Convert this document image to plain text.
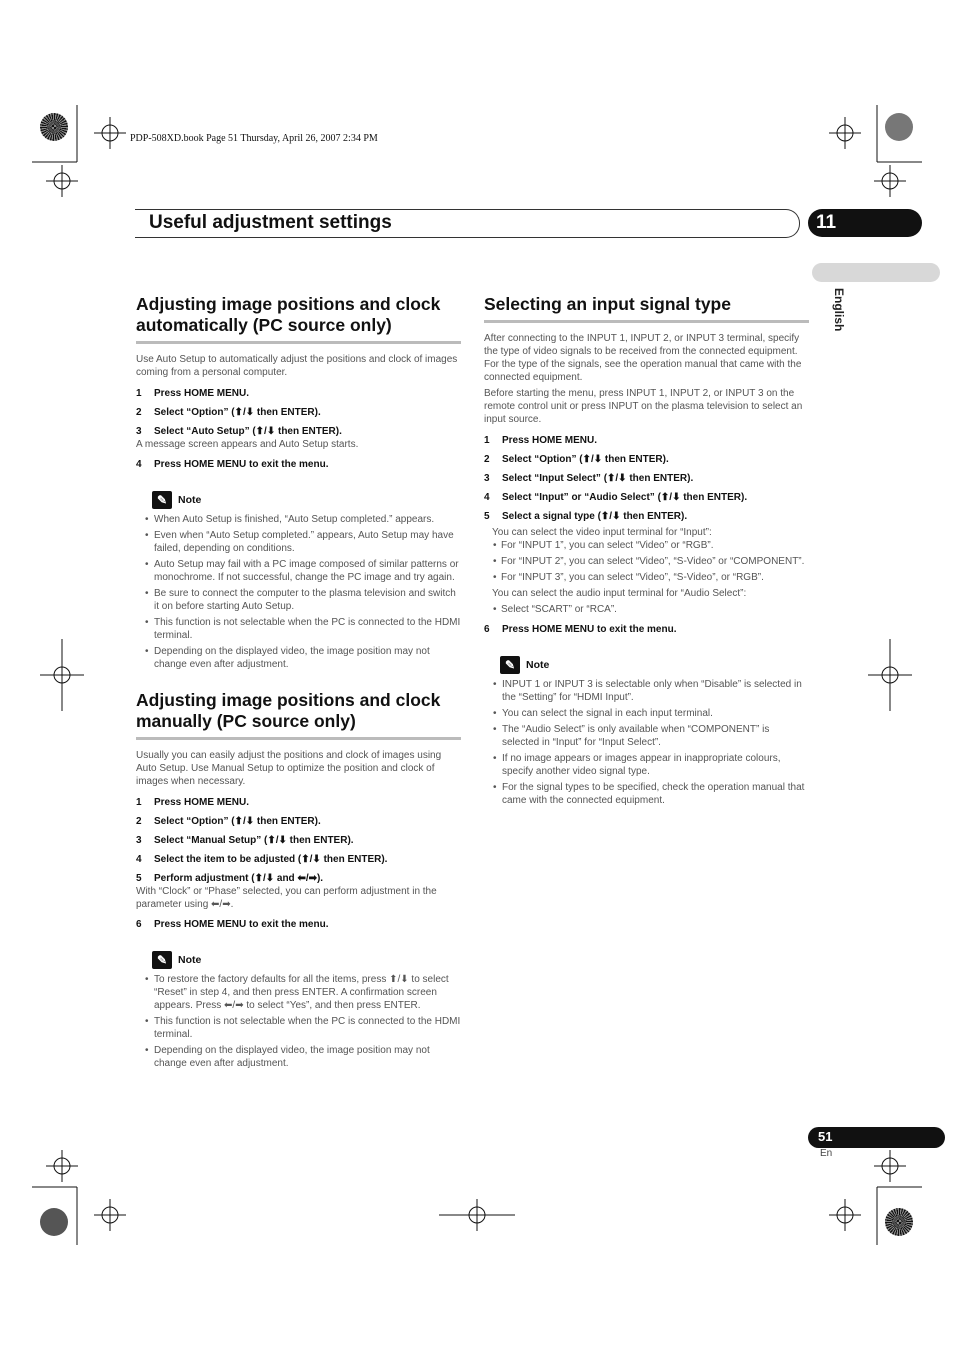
PDP-508XD.book Page 51 Thursday, April 26, 2007 2:34 PM
Useful adjustment settings	11
English
Adjusting image positions and clock automatically (PC source only)

Use Auto Setup to automatically adjust the positions and clock of images coming from a personal computer.

1 Press HOME MENU.
2 Select “Option” (⬆/⬇ then ENTER).
3 Select “Auto Setup” (⬆/⬇ then ENTER).

A message screen appears and Auto Setup starts.

4 Press HOME MENU to exit the menu.
✎	Note
• When Auto Setup is finished, “Auto Setup completed.” appears.
• Even when “Auto Setup completed.” appears, Auto Setup may have failed, depending on conditions.
• Auto Setup may fail with a PC image composed of similar patterns or monochrome. If not successful, change the PC image and try again.
• Be sure to connect the computer to the plasma television and switch it on before starting Auto Setup.
• This function is not selectable when the PC is connected to the HDMI terminal.
• Depending on the displayed video, the image position may not change even after adjustment.
Adjusting image positions and clock manually (PC source only)

Usually you can easily adjust the positions and clock of images using Auto Setup. Use Manual Setup to optimize the position and clock of images when necessary.

1 Press HOME MENU.
2 Select “Option” (⬆/⬇ then ENTER).
3 Select “Manual Setup” (⬆/⬇ then ENTER).
4 Select the item to be adjusted (⬆/⬇ then ENTER).
5 Perform adjustment (⬆/⬇ and ⬅/➡).

With “Clock” or “Phase” selected, you can perform adjustment in the parameter using ⬅/➡.

6 Press HOME MENU to exit the menu.
✎	Note
• To restore the factory defaults for all the items, press ⬆/⬇ to select “Reset” in step 4, and then press ENTER. A confirmation screen appears. Press ⬅/➡ to select “Yes”, and then press ENTER.
• This function is not selectable when the PC is connected to the HDMI terminal.
• Depending on the displayed video, the image position may not change even after adjustment.
Selecting an input signal type

After connecting to the INPUT 1, INPUT 2, or INPUT 3 terminal, specify the type of video signals to be received from the connected equipment. For the type of the signals, see the operation manual that came with the connected equipment.

Before starting the menu, press INPUT 1, INPUT 2, or INPUT 3 on the remote control unit or press INPUT on the plasma television to select an input source.

1 Press HOME MENU.
2 Select “Option” (⬆/⬇ then ENTER).
3 Select “Input Select” (⬆/⬇ then ENTER).
4 Select “Input” or “Audio Select” (⬆/⬇ then ENTER).
5 Select a signal type (⬆/⬇ then ENTER).

You can select the video input terminal for “Input”:

• For “INPUT 1”, you can select “Video” or “RGB”.
• For “INPUT 2”, you can select “Video”, “S-Video” or “COMPONENT”.
• For “INPUT 3”, you can select “Video”, “S-Video”, or “RGB”.

You can select the audio input terminal for “Audio Select”:

• Select “SCART” or “RCA”.
6 Press HOME MENU to exit the menu.
✎	Note
• INPUT 1 or INPUT 3 is selectable only when “Disable” is selected in the “Setting” for “HDMI Input”.
• You can select the signal in each input terminal.
• The “Audio Select” is only available when “COMPONENT” is selected in “Input” for “Input Select”.
• If no image appears or images appear in inappropriate colours, specify another video signal type.
• For the signal types to be specified, check the operation manual that came with the connected equipment.
51
En
